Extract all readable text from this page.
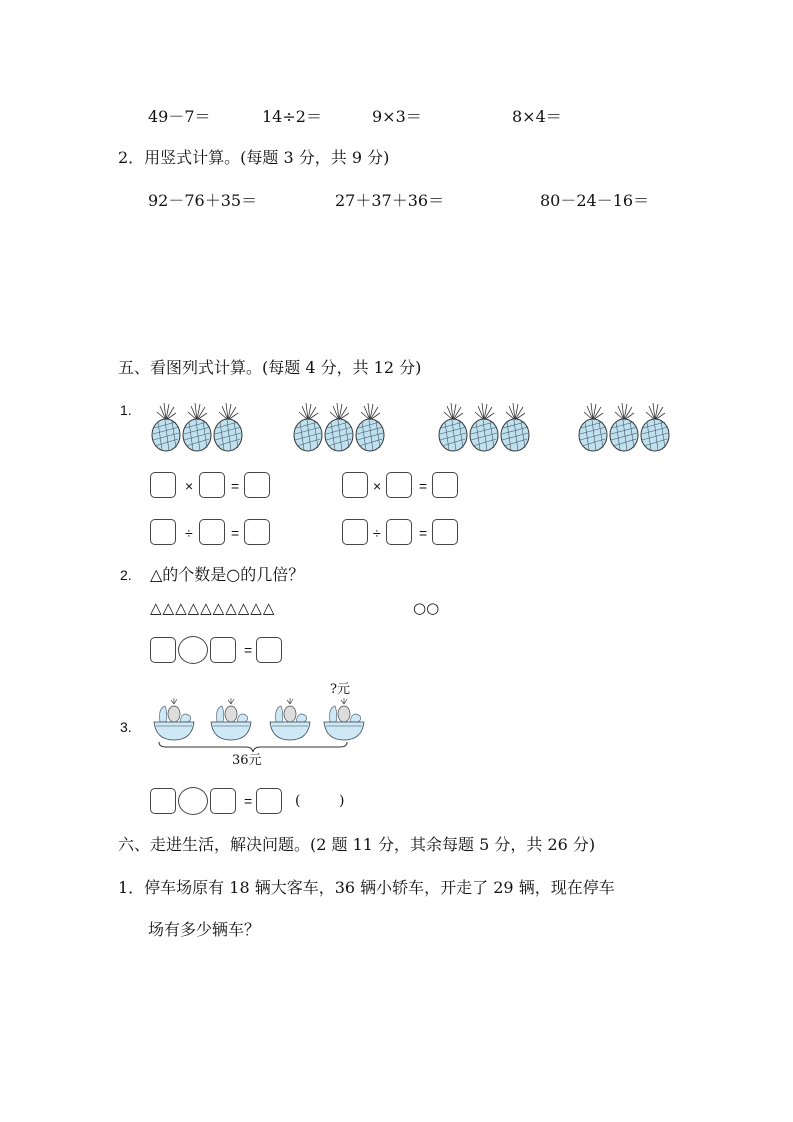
49－7＝	14÷2＝	9×3＝	8×4＝
2．用竖式计算。(每题 3 分，共 9 分)
92－76＋35＝	27＋37＋36＝	80－24－16＝
五、看图列式计算。(每题 4 分，共 12 分)
1.
×	=	×	=
÷	=	÷	=
2. △的个数是○的几倍？
△△△△△△△△△△	○○
=
?元
3.
36元
=	(	)
六、走进生活，解决问题。(2 题 11 分，其余每题 5 分，共 26 分)
1．停车场原有 18 辆大客车，36 辆小轿车，开走了 29 辆，现在停车
场有多少辆车？
